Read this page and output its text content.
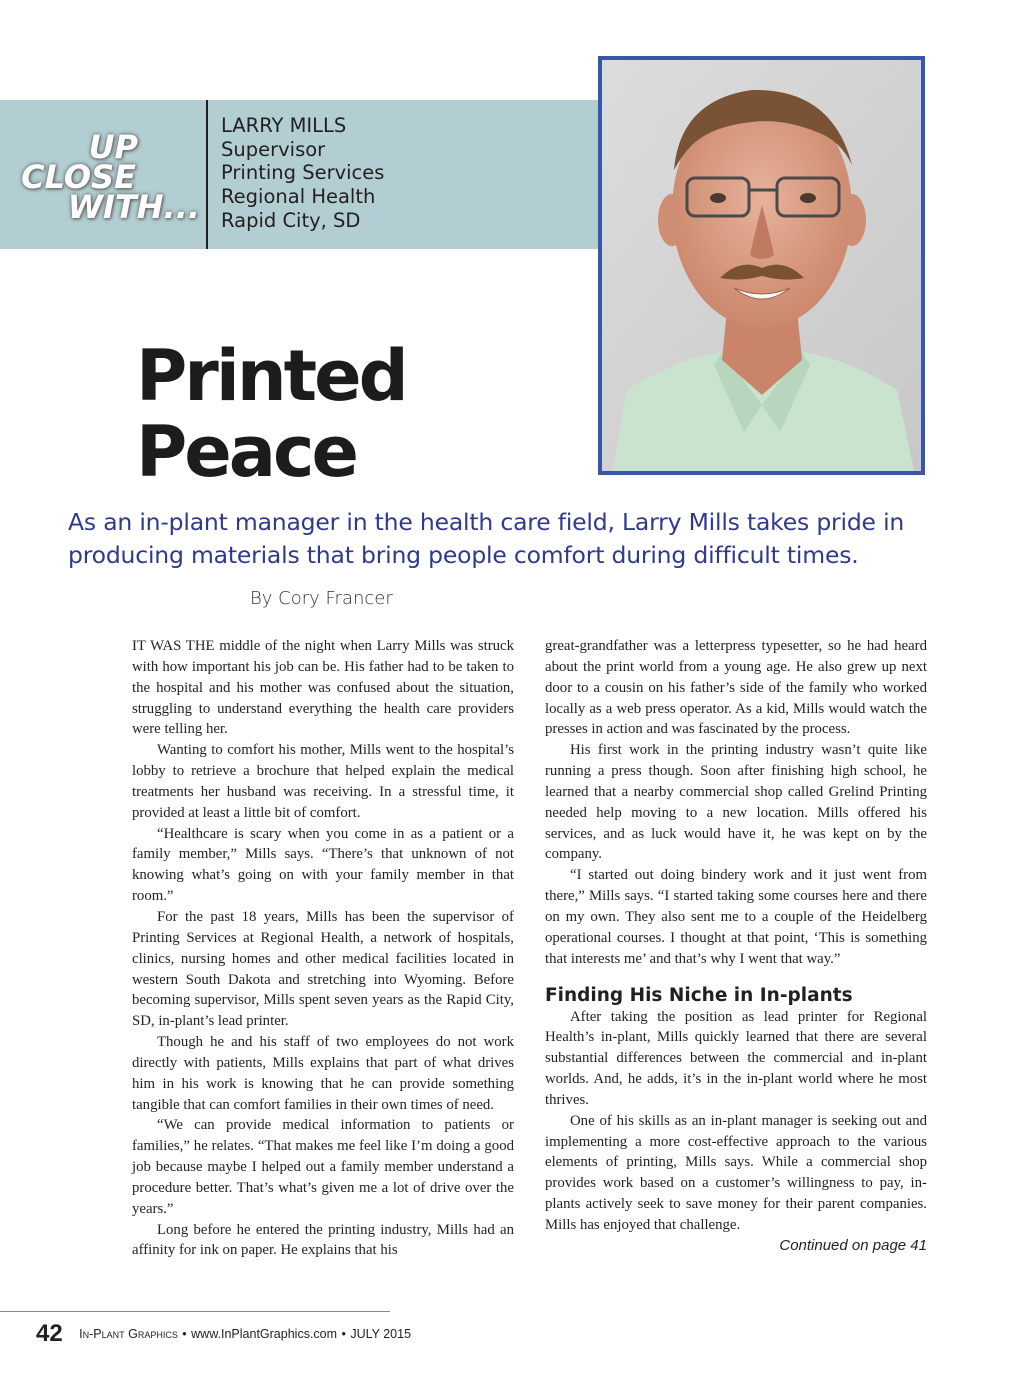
UP
CLOSE
WITH...
LARRY MILLS
Supervisor
Printing Services
Regional Health
Rapid City, SD
Printed
Peace
As an in-plant manager in the health care field, Larry Mills takes pride in producing materials that bring people comfort during difficult times.
By Cory Francer

IT WAS THE middle of the night when Larry Mills was struck with how important his job can be. His father had to be taken to the hospital and his mother was confused about the situation, struggling to understand everything the health care providers were telling her.

Wanting to comfort his mother, Mills went to the hospital’s lobby to retrieve a brochure that helped explain the medical treatments her husband was receiving. In a stressful time, it provided at least a little bit of comfort.

“Healthcare is scary when you come in as a patient or a family member,” Mills says. “There’s that unknown of not knowing what’s going on with your family member in that room.”

For the past 18 years, Mills has been the supervisor of Printing Services at Regional Health, a network of hospitals, clinics, nursing homes and other medical facilities located in western South Dakota and stretching into Wyoming. Before becoming supervisor, Mills spent seven years as the Rapid City, SD, in-plant’s lead printer.

Though he and his staff of two employees do not work directly with patients, Mills explains that part of what drives him in his work is knowing that he can provide something tangible that can comfort families in their own times of need.

“We can provide medical information to patients or families,” he relates. “That makes me feel like I’m doing a good job because maybe I helped out a family member understand a procedure better. That’s what’s given me a lot of drive over the years.”

Long before he entered the printing industry, Mills had an affinity for ink on paper. He explains that his

great-grandfather was a letterpress typesetter, so he had heard about the print world from a young age. He also grew up next door to a cousin on his father’s side of the family who worked locally as a web press operator. As a kid, Mills would watch the presses in action and was fascinated by the process.

His first work in the printing industry wasn’t quite like running a press though. Soon after finishing high school, he learned that a nearby commercial shop called Grelind Printing needed help moving to a new location. Mills offered his services, and as luck would have it, he was kept on by the company.

“I started out doing bindery work and it just went from there,” Mills says. “I started taking some courses here and there on my own. They also sent me to a couple of the Heidelberg operational courses. I thought at that point, ‘This is something that interests me’ and that’s why I went that way.”

Finding His Niche in In-plants

After taking the position as lead printer for Regional Health’s in-plant, Mills quickly learned that there are several substantial differences between the commercial and in-plant worlds. And, he adds, it’s in the in-plant world where he most thrives.

One of his skills as an in-plant manager is seeking out and implementing a more cost-effective approach to the various elements of printing, Mills says. While a commercial shop provides work based on a customer’s willingness to pay, in-plants actively seek to save money for their parent companies. Mills has enjoyed that challenge.

Continued on page 41
42 In-Plant Graphics • www.InPlantGraphics.com • JULY 2015
